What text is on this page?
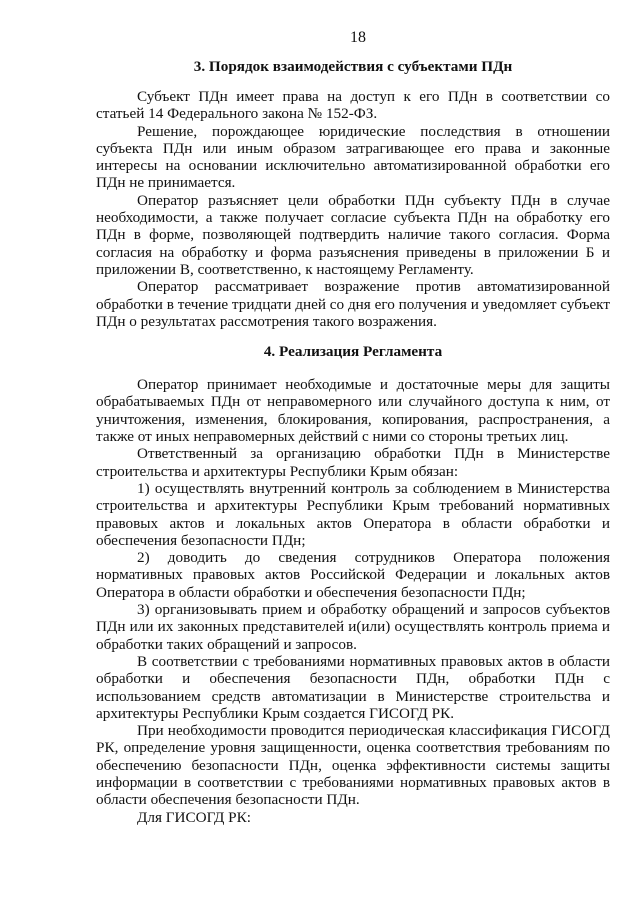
18
3. Порядок взаимодействия с субъектами ПДн

Субъект ПДн имеет права на доступ к его ПДн в соответствии со статьей 14 Федерального закона № 152-ФЗ.

Решение, порождающее юридические последствия в отношении субъекта ПДн или иным образом затрагивающее его права и законные интересы на основании исключительно автоматизированной обработки его ПДн не принимается.

Оператор разъясняет цели обработки ПДн субъекту ПДн в случае необходимости, а также получает согласие субъекта ПДн на обработку его ПДн в форме, позволяющей подтвердить наличие такого согласия. Форма согласия на обработку и форма разъяснения приведены в приложении Б и приложении В, соответственно, к настоящему Регламенту.

Оператор рассматривает возражение против автоматизированной обработки в течение тридцати дней со дня его получения и уведомляет субъект ПДн о результатах рассмотрения такого возражения.

4. Реализация Регламента

Оператор принимает необходимые и достаточные меры для защиты обрабатываемых ПДн от неправомерного или случайного доступа к ним, от уничтожения, изменения, блокирования, копирования, распространения, а также от иных неправомерных действий с ними со стороны третьих лиц.

Ответственный за организацию обработки ПДн в Министерстве строительства и архитектуры Республики Крым обязан:

1) осуществлять внутренний контроль за соблюдением в Министерства строительства и архитектуры Республики Крым требований нормативных правовых актов и локальных актов Оператора в области обработки и обеспечения безопасности ПДн;

2) доводить до сведения сотрудников Оператора положения нормативных правовых актов Российской Федерации и локальных актов Оператора в области обработки и обеспечения безопасности ПДн;

3) организовывать прием и обработку обращений и запросов субъектов ПДн или их законных представителей и(или) осуществлять контроль приема и обработки таких обращений и запросов.

В соответствии с требованиями нормативных правовых актов в области обработки и обеспечения безопасности ПДн, обработки ПДн с использованием средств автоматизации в Министерстве строительства и архитектуры Республики Крым создается ГИСОГД РК.

При необходимости проводится периодическая классификация ГИСОГД РК, определение уровня защищенности, оценка соответствия требованиям по обеспечению безопасности ПДн, оценка эффективности системы защиты информации в соответствии с требованиями нормативных правовых актов в области обеспечения безопасности ПДн.

Для ГИСОГД РК:
